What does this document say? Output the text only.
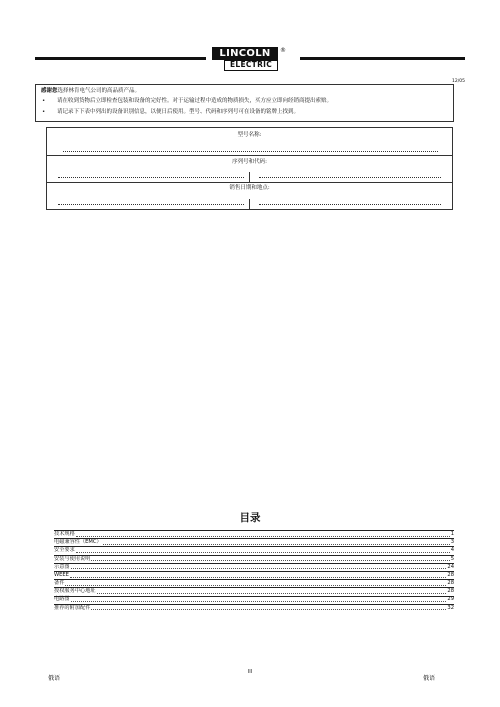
LINCOLN	®
ELECTRIC
12/05

感谢您选择林肯电气公司的高品质产品。

• 请在收到货物后立即检查包装和设备的完好性。对于运输过程中造成的物质损失，买方应立即向经销商提出索赔。
• 请记录下下表中列出的设备识别信息，以便日后使用。型号、代码和序列号可在设备的铭牌上找到。
型号名称:
序列号和代码:
销售日期和地点:
目录
技术规格	1
电磁兼容性（EMC）	3
安全要求	4
安装与使用说明	5
示意图	24
WEEE	28
备件	28
授权服务中心地址	28
电路图	29
推荐的附加配件	32
俄语
III
俄语
